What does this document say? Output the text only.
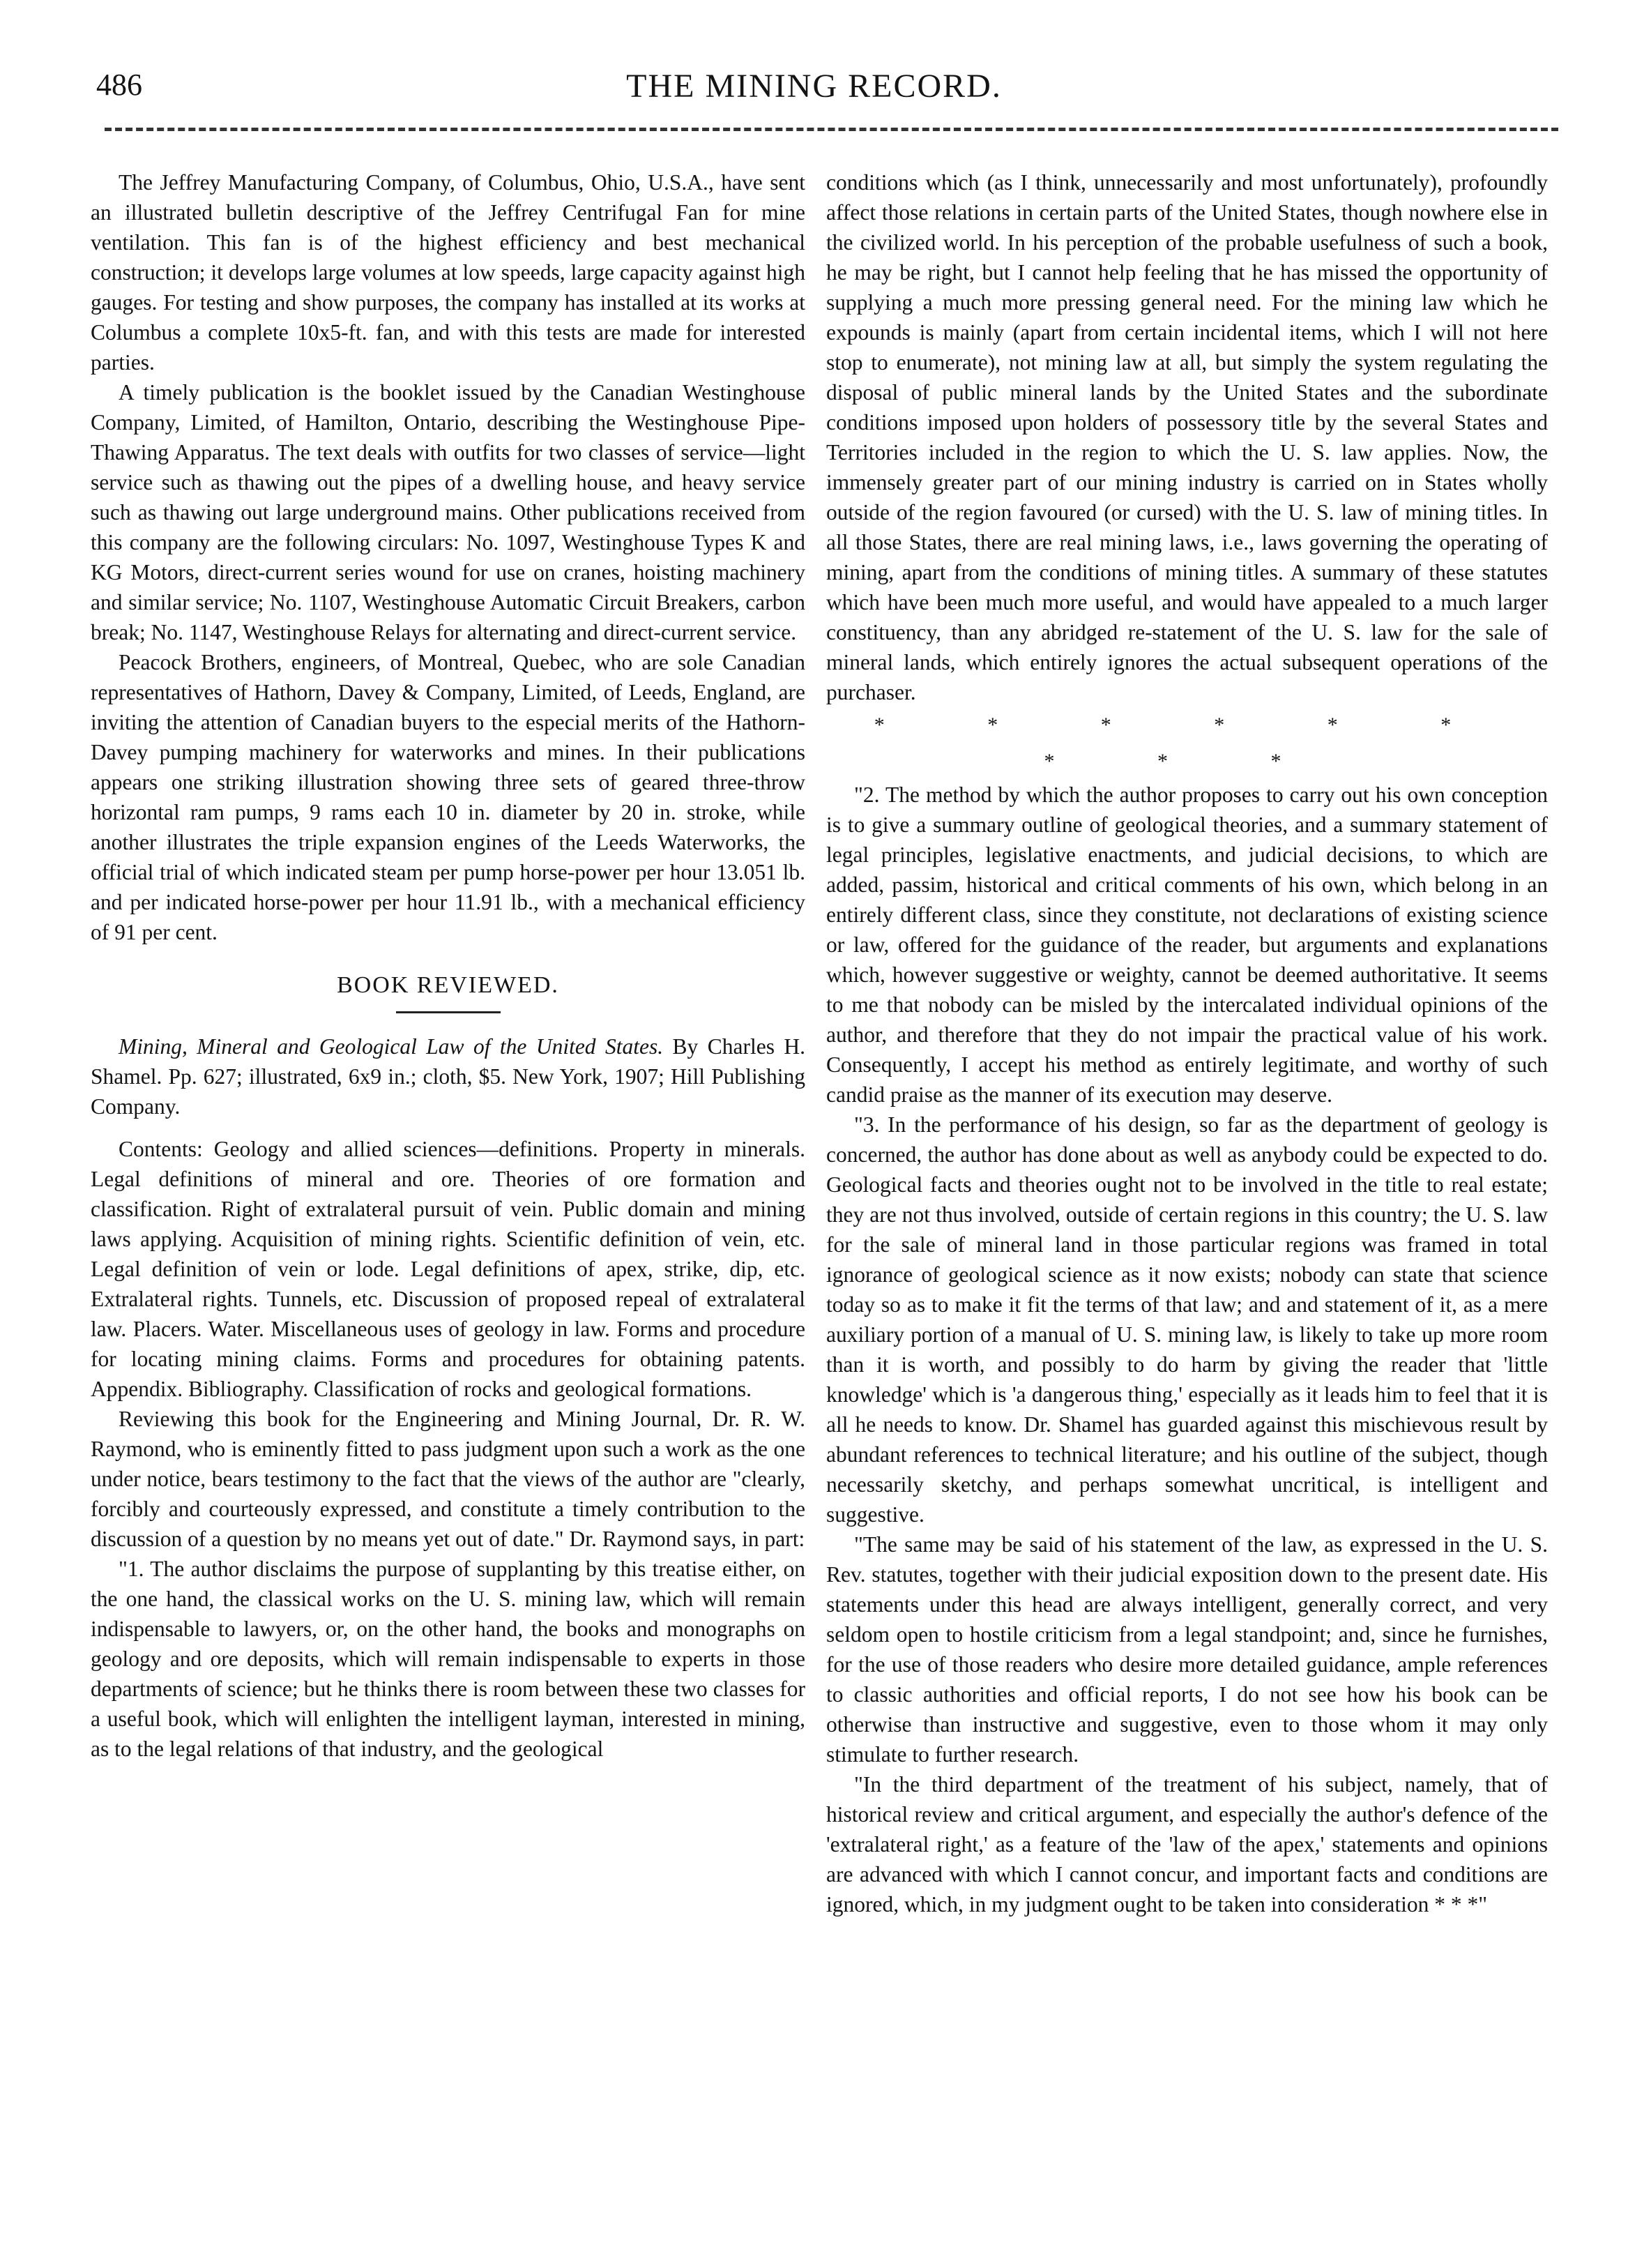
486	THE MINING RECORD.

The Jeffrey Manufacturing Company, of Columbus, Ohio, U.S.A., have sent an illustrated bulletin descriptive of the Jeffrey Centrifugal Fan for mine ventilation. This fan is of the highest efficiency and best mechanical construction; it develops large volumes at low speeds, large capacity against high gauges. For testing and show purposes, the company has installed at its works at Columbus a complete 10x5-ft. fan, and with this tests are made for interested parties.

A timely publication is the booklet issued by the Canadian Westinghouse Company, Limited, of Hamilton, Ontario, describing the Westinghouse Pipe-Thawing Apparatus. The text deals with outfits for two classes of service—light service such as thawing out the pipes of a dwelling house, and heavy service such as thawing out large underground mains. Other publications received from this company are the following circulars: No. 1097, Westinghouse Types K and KG Motors, direct-current series wound for use on cranes, hoisting machinery and similar service; No. 1107, Westinghouse Automatic Circuit Breakers, carbon break; No. 1147, Westinghouse Relays for alternating and direct-current service.

Peacock Brothers, engineers, of Montreal, Quebec, who are sole Canadian representatives of Hathorn, Davey & Company, Limited, of Leeds, England, are inviting the attention of Canadian buyers to the especial merits of the Hathorn-Davey pumping machinery for waterworks and mines. In their publications appears one striking illustration showing three sets of geared three-throw horizontal ram pumps, 9 rams each 10 in. diameter by 20 in. stroke, while another illustrates the triple expansion engines of the Leeds Waterworks, the official trial of which indicated steam per pump horse-power per hour 13.051 lb. and per indicated horse-power per hour 11.91 lb., with a mechanical efficiency of 91 per cent.

BOOK REVIEWED.

Mining, Mineral and Geological Law of the United States. By Charles H. Shamel. Pp. 627; illustrated, 6x9 in.; cloth, $5. New York, 1907; Hill Publishing Company.

Contents: Geology and allied sciences—definitions. Property in minerals. Legal definitions of mineral and ore. Theories of ore formation and classification. Right of extralateral pursuit of vein. Public domain and mining laws applying. Acquisition of mining rights. Scientific definition of vein, etc. Legal definition of vein or lode. Legal definitions of apex, strike, dip, etc. Extralateral rights. Tunnels, etc. Discussion of proposed repeal of extralateral law. Placers. Water. Miscellaneous uses of geology in law. Forms and procedure for locating mining claims. Forms and procedures for obtaining patents. Appendix. Bibliography. Classification of rocks and geological formations.

Reviewing this book for the Engineering and Mining Journal, Dr. R. W. Raymond, who is eminently fitted to pass judgment upon such a work as the one under notice, bears testimony to the fact that the views of the author are "clearly, forcibly and courteously expressed, and constitute a timely contribution to the discussion of a question by no means yet out of date." Dr. Raymond says, in part:

"1. The author disclaims the purpose of supplanting by this treatise either, on the one hand, the classical works on the U. S. mining law, which will remain indispensable to lawyers, or, on the other hand, the books and monographs on geology and ore deposits, which will remain indispensable to experts in those departments of science; but he thinks there is room between these two classes for a useful book, which will enlighten the intelligent layman, interested in mining, as to the legal relations of that industry, and the geological

conditions which (as I think, unnecessarily and most unfortunately), profoundly affect those relations in certain parts of the United States, though nowhere else in the civilized world. In his perception of the probable usefulness of such a book, he may be right, but I cannot help feeling that he has missed the opportunity of supplying a much more pressing general need. For the mining law which he expounds is mainly (apart from certain incidental items, which I will not here stop to enumerate), not mining law at all, but simply the system regulating the disposal of public mineral lands by the United States and the subordinate conditions imposed upon holders of possessory title by the several States and Territories included in the region to which the U. S. law applies. Now, the immensely greater part of our mining industry is carried on in States wholly outside of the region favoured (or cursed) with the U. S. law of mining titles. In all those States, there are real mining laws, i.e., laws governing the operating of mining, apart from the conditions of mining titles. A summary of these statutes which have been much more useful, and would have appealed to a much larger constituency, than any abridged re-statement of the U. S. law for the sale of mineral lands, which entirely ignores the actual subsequent operations of the purchaser.

* * * * * * * * *

"2. The method by which the author proposes to carry out his own conception is to give a summary outline of geological theories, and a summary statement of legal principles, legislative enactments, and judicial decisions, to which are added, passim, historical and critical comments of his own, which belong in an entirely different class, since they constitute, not declarations of existing science or law, offered for the guidance of the reader, but arguments and explanations which, however suggestive or weighty, cannot be deemed authoritative. It seems to me that nobody can be misled by the intercalated individual opinions of the author, and therefore that they do not impair the practical value of his work. Consequently, I accept his method as entirely legitimate, and worthy of such candid praise as the manner of its execution may deserve.

"3. In the performance of his design, so far as the department of geology is concerned, the author has done about as well as anybody could be expected to do. Geological facts and theories ought not to be involved in the title to real estate; they are not thus involved, outside of certain regions in this country; the U. S. law for the sale of mineral land in those particular regions was framed in total ignorance of geological science as it now exists; nobody can state that science today so as to make it fit the terms of that law; and and statement of it, as a mere auxiliary portion of a manual of U. S. mining law, is likely to take up more room than it is worth, and possibly to do harm by giving the reader that 'little knowledge' which is 'a dangerous thing,' especially as it leads him to feel that it is all he needs to know. Dr. Shamel has guarded against this mischievous result by abundant references to technical literature; and his outline of the subject, though necessarily sketchy, and perhaps somewhat uncritical, is intelligent and suggestive.

"The same may be said of his statement of the law, as expressed in the U. S. Rev. statutes, together with their judicial exposition down to the present date. His statements under this head are always intelligent, generally correct, and very seldom open to hostile criticism from a legal standpoint; and, since he furnishes, for the use of those readers who desire more detailed guidance, ample references to classic authorities and official reports, I do not see how his book can be otherwise than instructive and suggestive, even to those whom it may only stimulate to further research.

"In the third department of the treatment of his subject, namely, that of historical review and critical argument, and especially the author's defence of the 'extralateral right,' as a feature of the 'law of the apex,' statements and opinions are advanced with which I cannot concur, and important facts and conditions are ignored, which, in my judgment ought to be taken into consideration * * *"
